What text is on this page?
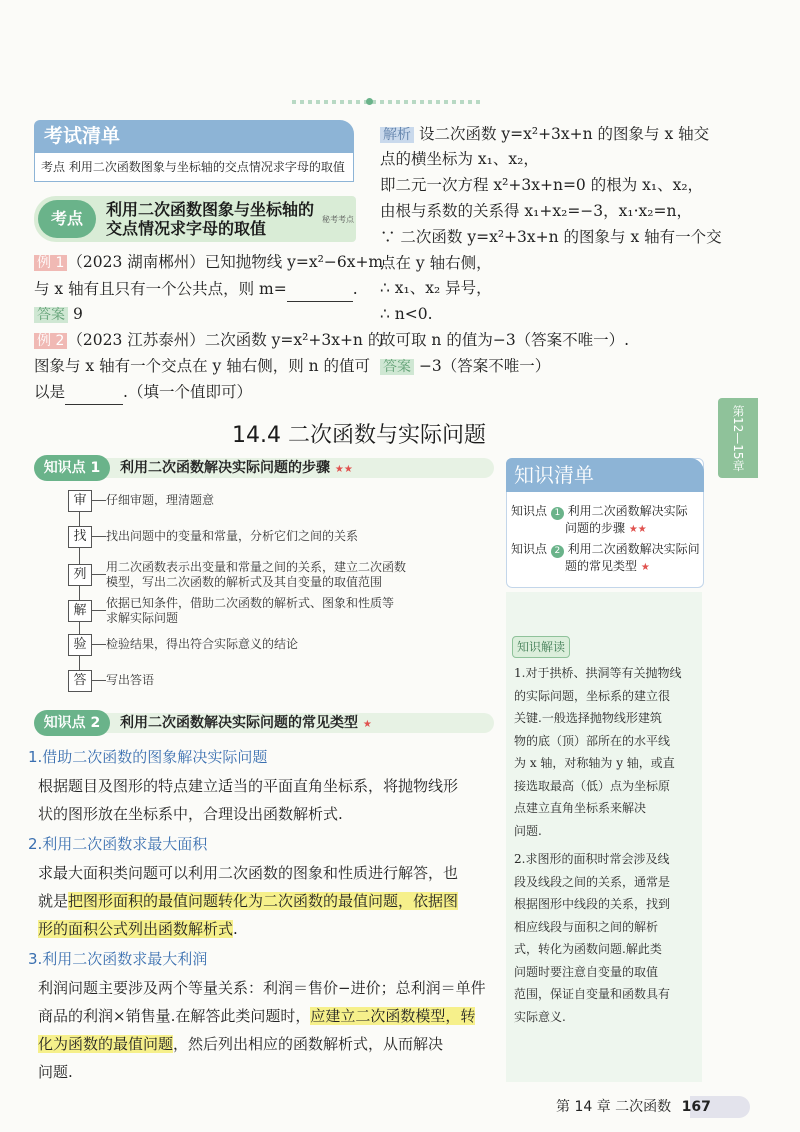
考试清单
考点 利用二次函数图象与坐标轴的交点情况求字母的取值
考点	利用二次函数图象与坐标轴的交点情况求字母的取值	秘考考点
例 1 （2023 湖南郴州）已知抛物线 y=x²−6x+m
与 x 轴有且只有一个公共点，则 m=	.
答案 9
例 2 （2023 江苏泰州）二次函数 y=x²+3x+n 的
图象与 x 轴有一个交点在 y 轴右侧，则 n 的值可
以是	.（填一个值即可）
解析 设二次函数 y=x²+3x+n 的图象与 x 轴交
点的横坐标为 x₁、x₂，
即二元一次方程 x²+3x+n=0 的根为 x₁、x₂，
由根与系数的关系得 x₁+x₂=−3，x₁·x₂=n，
∵ 二次函数 y=x²+3x+n 的图象与 x 轴有一个交
点在 y 轴右侧，
∴ x₁、x₂ 异号，
∴ n<0.
故可取 n 的值为−3（答案不唯一）.
答案 −3（答案不唯一）
14.4 二次函数与实际问题	第12—15章
知识点 1	利用二次函数解决实际问题的步骤 ★★
审	仔细审题，理清题意
找	找出问题中的变量和常量，分析它们之间的关系
列	用二次函数表示出变量和常量之间的关系，建立二次函数模型，写出二次函数的解析式及其自变量的取值范围
解	依据已知条件，借助二次函数的解析式、图象和性质等求解实际问题
验	检验结果，得出符合实际意义的结论
答	写出答语
知识清单
知识点 1 利用二次函数解决实际
问题的步骤 ★★
知识点 2 利用二次函数解决实际问
题的常见类型 ★
知识解读
1.对于拱桥、拱洞等有关抛物线
的实际问题，坐标系的建立很
关键.一般选择抛物线形建筑
物的底（顶）部所在的水平线
为 x 轴，对称轴为 y 轴，或直
接选取最高（低）点为坐标原
点建立直角坐标系来解决
问题.
2.求图形的面积时常会涉及线
段及线段之间的关系，通常是
根据图形中线段的关系，找到
相应线段与面积之间的解析
式，转化为函数问题.解此类
问题时要注意自变量的取值
范围，保证自变量和函数具有
实际意义.
知识点 2	利用二次函数解决实际问题的常见类型 ★
1.借助二次函数的图象解决实际问题
根据题目及图形的特点建立适当的平面直角坐标系，将抛物线形
状的图形放在坐标系中，合理设出函数解析式.
2.利用二次函数求最大面积
求最大面积类问题可以利用二次函数的图象和性质进行解答，也
就是把图形面积的最值问题转化为二次函数的最值问题，依据图
形的面积公式列出函数解析式.
3.利用二次函数求最大利润
利润问题主要涉及两个等量关系：利润＝售价−进价；总利润＝单件
商品的利润×销售量.在解答此类问题时，应建立二次函数模型，转
化为函数的最值问题，然后列出相应的函数解析式，从而解决
问题.
第 14 章 二次函数 167
